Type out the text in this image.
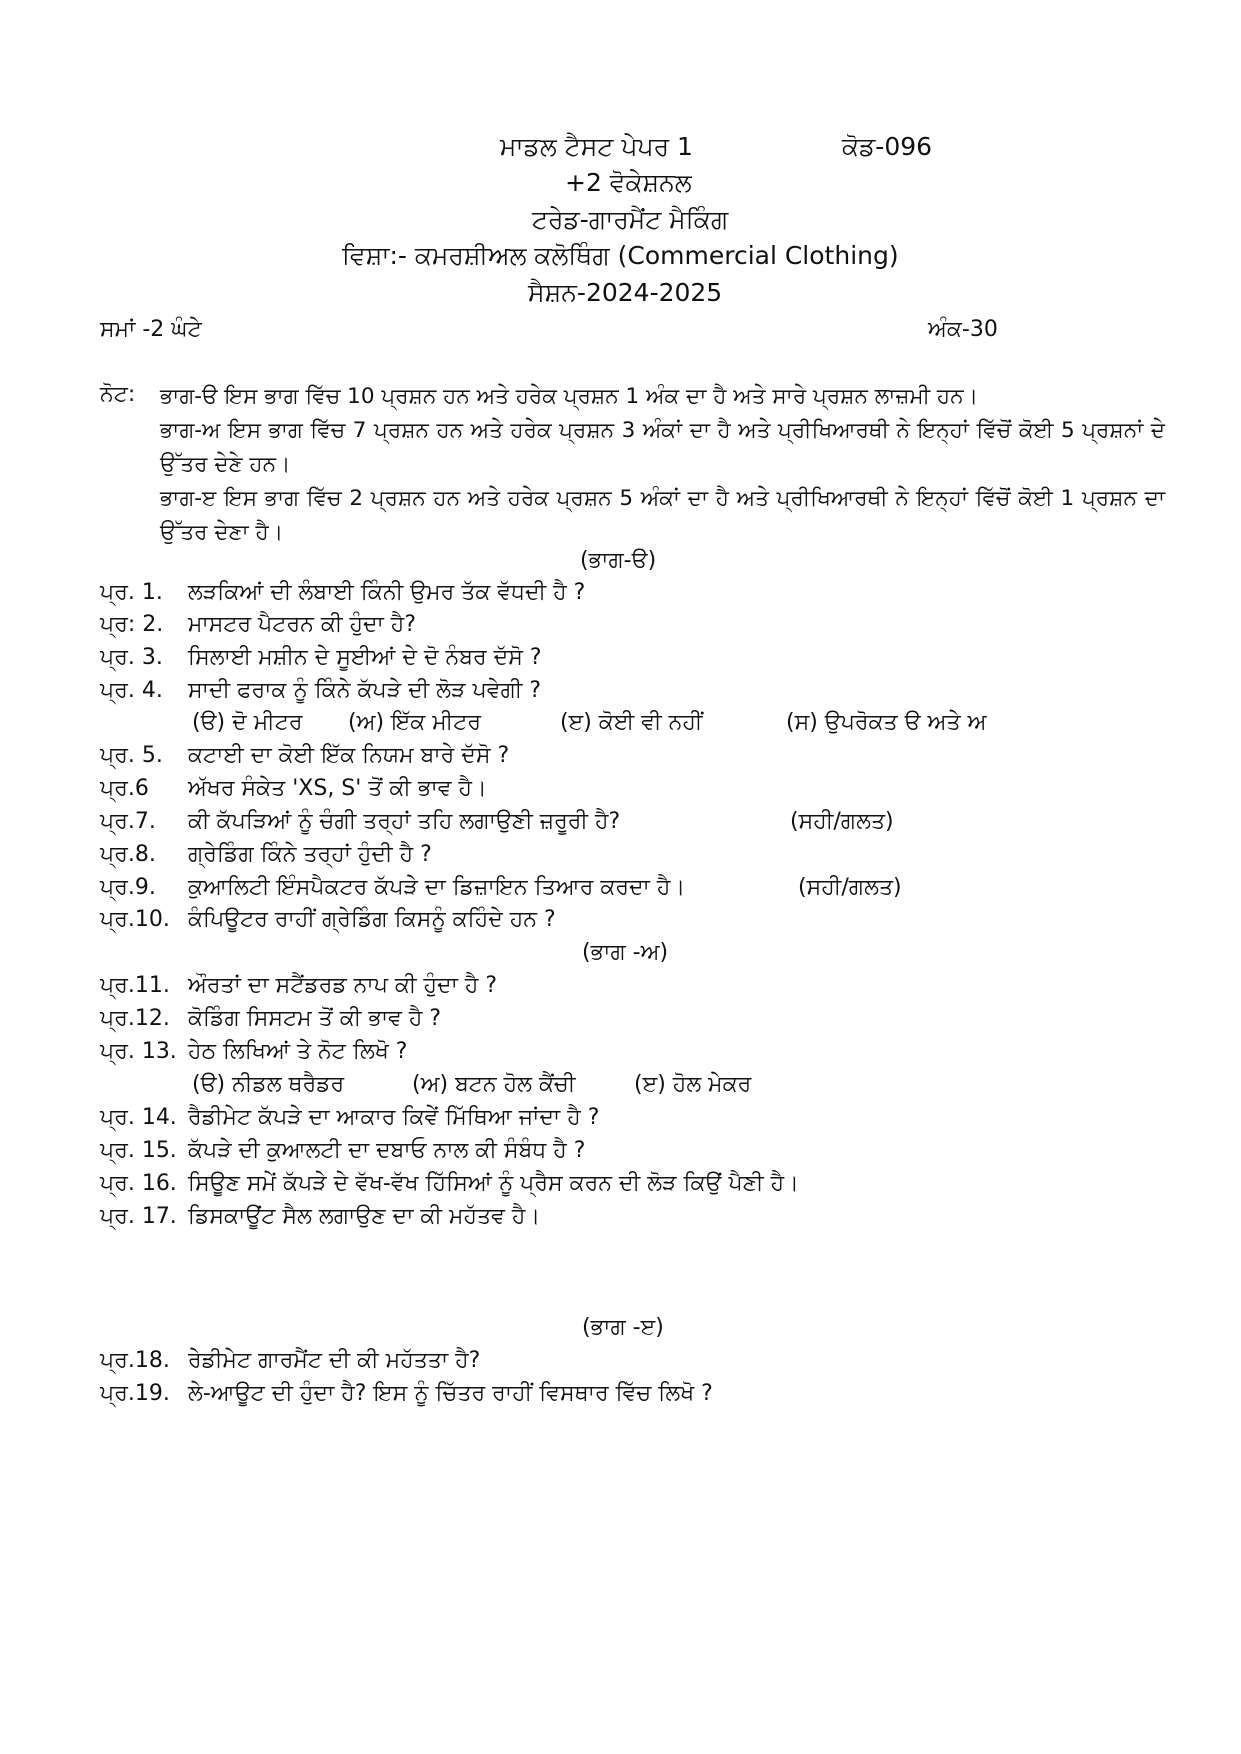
ਮਾਡਲ ਟੈਸਟ ਪੇਪਰ 1	ਕੋਡ-096
+2 ਵੋਕੇਸ਼ਨਲ
ਟਰੇਡ-ਗਾਰਮੈਂਟ ਮੈਕਿੰਗ
ਵਿਸ਼ਾ:- ਕਮਰਸ਼ੀਅਲ ਕਲੋਥਿੰਗ (Commercial Clothing)
ਸੈਸ਼ਨ-2024-2025
ਸਮਾਂ -2 ਘੰਟੇ	ਅੰਕ-30
ਨੋਟ: ਭਾਗ-ੳ ਇਸ ਭਾਗ ਵਿੱਚ 10 ਪ੍ਰਸ਼ਨ ਹਨ ਅਤੇ ਹਰੇਕ ਪ੍ਰਸ਼ਨ 1 ਅੰਕ ਦਾ ਹੈ ਅਤੇ ਸਾਰੇ ਪ੍ਰਸ਼ਨ ਲਾਜ਼ਮੀ ਹਨ।

ਭਾਗ-ਅ ਇਸ ਭਾਗ ਵਿੱਚ 7 ਪ੍ਰਸ਼ਨ ਹਨ ਅਤੇ ਹਰੇਕ ਪ੍ਰਸ਼ਨ 3 ਅੰਕਾਂ ਦਾ ਹੈ ਅਤੇ ਪ੍ਰੀਖਿਆਰਥੀ ਨੇ ਇਨ੍ਹਾਂ ਵਿੱਚੋਂ ਕੋਈ 5 ਪ੍ਰਸ਼ਨਾਂ ਦੇ ਉੱਤਰ ਦੇਣੇ ਹਨ।

ਭਾਗ-ੲ ਇਸ ਭਾਗ ਵਿੱਚ 2 ਪ੍ਰਸ਼ਨ ਹਨ ਅਤੇ ਹਰੇਕ ਪ੍ਰਸ਼ਨ 5 ਅੰਕਾਂ ਦਾ ਹੈ ਅਤੇ ਪ੍ਰੀਖਿਆਰਥੀ ਨੇ ਇਨ੍ਹਾਂ ਵਿੱਚੋਂ ਕੋਈ 1 ਪ੍ਰਸ਼ਨ ਦਾ ਉੱਤਰ ਦੇਣਾ ਹੈ।

(ਭਾਗ-ੳ)
ਪ੍ਰ. 1. ਲੜਕਿਆਂ ਦੀ ਲੰਬਾਈ ਕਿੰਨੀ ਉਮਰ ਤੱਕ ਵੱਧਦੀ ਹੈ ?
ਪ੍ਰ: 2. ਮਾਸਟਰ ਪੈਟਰਨ ਕੀ ਹੁੰਦਾ ਹੈ?
ਪ੍ਰ. 3. ਸਿਲਾਈ ਮਸ਼ੀਨ ਦੇ ਸੂਈਆਂ ਦੇ ਦੋ ਨੰਬਰ ਦੱਸੋ ?
ਪ੍ਰ. 4. ਸਾਦੀ ਫਰਾਕ ਨੂੰ ਕਿੰਨੇ ਕੱਪੜੇ ਦੀ ਲੋੜ ਪਵੇਗੀ ?
(ੳ) ਦੋ ਮੀਟਰ (ਅ) ਇੱਕ ਮੀਟਰ	(ੲ) ਕੋਈ ਵੀ ਨਹੀਂ	(ਸ) ਉਪਰੋਕਤ ੳ ਅਤੇ ਅ
ਪ੍ਰ. 5. ਕਟਾਈ ਦਾ ਕੋਈ ਇੱਕ ਨਿਯਮ ਬਾਰੇ ਦੱਸੋ ?
ਪ੍ਰ.6 ਅੱਖਰ ਸੰਕੇਤ 'XS, S' ਤੋਂ ਕੀ ਭਾਵ ਹੈ।
ਪ੍ਰ.7. ਕੀ ਕੱਪੜਿਆਂ ਨੂੰ ਚੰਗੀ ਤਰ੍ਹਾਂ ਤਹਿ ਲਗਾਉਣੀ ਜ਼ਰੂਰੀ ਹੈ?	(ਸਹੀ/ਗਲਤ)
ਪ੍ਰ.8. ਗ੍ਰੇਡਿੰਗ ਕਿੰਨੇ ਤਰ੍ਹਾਂ ਹੁੰਦੀ ਹੈ ?
ਪ੍ਰ.9. ਕੁਆਲਿਟੀ ਇੰਸਪੈਕਟਰ ਕੱਪੜੇ ਦਾ ਡਿਜ਼ਾਇਨ ਤਿਆਰ ਕਰਦਾ ਹੈ।	(ਸਹੀ/ਗਲਤ)
ਪ੍ਰ.10. ਕੰਪਿਊਟਰ ਰਾਹੀਂ ਗ੍ਰੇਡਿੰਗ ਕਿਸਨੂੰ ਕਹਿੰਦੇ ਹਨ ?
(ਭਾਗ -ਅ)
ਪ੍ਰ.11. ਔਰਤਾਂ ਦਾ ਸਟੈਂਡਰਡ ਨਾਪ ਕੀ ਹੁੰਦਾ ਹੈ ?
ਪ੍ਰ.12. ਕੋਡਿੰਗ ਸਿਸਟਮ ਤੋਂ ਕੀ ਭਾਵ ਹੈ ?
ਪ੍ਰ. 13. ਹੇਠ ਲਿਖਿਆਂ ਤੇ ਨੋਟ ਲਿਖੋ ?
(ੳ) ਨੀਡਲ ਥਰੈਡਰ	(ਅ) ਬਟਨ ਹੋਲ ਕੈਂਚੀ	(ੲ) ਹੋਲ ਮੇਕਰ
ਪ੍ਰ. 14. ਰੈਡੀਮੇਟ ਕੱਪੜੇ ਦਾ ਆਕਾਰ ਕਿਵੇਂ ਮਿੱਥਿਆ ਜਾਂਦਾ ਹੈ ?
ਪ੍ਰ. 15. ਕੱਪੜੇ ਦੀ ਕੁਆਲਟੀ ਦਾ ਦਬਾਓ ਨਾਲ ਕੀ ਸੰਬੰਧ ਹੈ ?
ਪ੍ਰ. 16. ਸਿਊਣ ਸਮੇਂ ਕੱਪੜੇ ਦੇ ਵੱਖ-ਵੱਖ ਹਿੱਸਿਆਂ ਨੂੰ ਪ੍ਰੈਸ ਕਰਨ ਦੀ ਲੋੜ ਕਿਉਂ ਪੈਣੀ ਹੈ।
ਪ੍ਰ. 17. ਡਿਸਕਾਊਂਟ ਸੈਲ ਲਗਾਉਣ ਦਾ ਕੀ ਮਹੱਤਵ ਹੈ।
(ਭਾਗ -ੲ)
ਪ੍ਰ.18. ਰੇਡੀਮੇਟ ਗਾਰਮੈਂਟ ਦੀ ਕੀ ਮਹੱਤਤਾ ਹੈ?
ਪ੍ਰ.19. ਲੇ-ਆਊਟ ਦੀ ਹੁੰਦਾ ਹੈ? ਇਸ ਨੂੰ ਚਿੱਤਰ ਰਾਹੀਂ ਵਿਸਥਾਰ ਵਿੱਚ ਲਿਖੋ ?
